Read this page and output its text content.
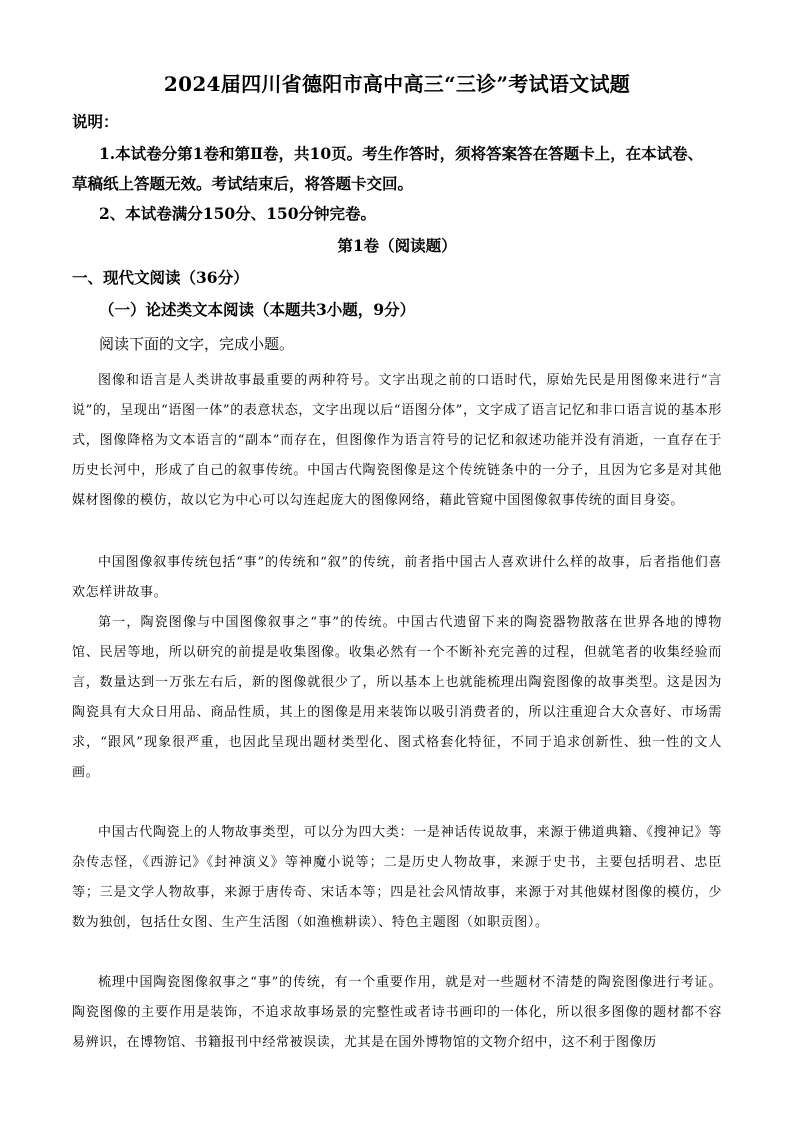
2024届四川省德阳市高中高三“三诊”考试语文试题
说明：
1.本试卷分第1卷和第Ⅱ卷，共10页。考生作答时，须将答案答在答题卡上，在本试卷、
草稿纸上答题无效。考试结束后，将答题卡交回。
2、本试卷满分150分、150分钟完卷。
第1卷（阅读题）
一、现代文阅读（36分）
（一）论述类文本阅读（本题共3小题，9分）
阅读下面的文字，完成小题。

图像和语言是人类讲故事最重要的两种符号。文字出现之前的口语时代，原始先民是用图像来进行“言说”的，呈现出“语图一体”的表意状态，文字出现以后“语图分体”，文字成了语言记忆和非口语言说的基本形式，图像降格为文本语言的“副本”而存在，但图像作为语言符号的记忆和叙述功能并没有消逝，一直存在于历史长河中，形成了自己的叙事传统。中国古代陶瓷图像是这个传统链条中的一分子，且因为它多是对其他媒材图像的模仿，故以它为中心可以勾连起庞大的图像网络，藉此管窥中国图像叙事传统的面目身姿。

中国图像叙事传统包括“事”的传统和“叙”的传统，前者指中国古人喜欢讲什么样的故事，后者指他们喜欢怎样讲故事。

第一，陶瓷图像与中国图像叙事之“事”的传统。中国古代遗留下来的陶瓷器物散落在世界各地的博物馆、民居等地，所以研究的前提是收集图像。收集必然有一个不断补充完善的过程，但就笔者的收集经验而言，数量达到一万张左右后，新的图像就很少了，所以基本上也就能梳理出陶瓷图像的故事类型。这是因为陶瓷具有大众日用品、商品性质，其上的图像是用来装饰以吸引消费者的，所以注重迎合大众喜好、市场需求，“跟风”现象很严重，也因此呈现出题材类型化、图式格套化特征，不同于追求创新性、独一性的文人画。

中国古代陶瓷上的人物故事类型，可以分为四大类：一是神话传说故事，来源于佛道典籍、《搜神记》等杂传志怪，《西游记》《封神演义》等神魔小说等；二是历史人物故事，来源于史书，主要包括明君、忠臣等；三是文学人物故事，来源于唐传奇、宋话本等；四是社会风情故事，来源于对其他媒材图像的模仿，少数为独创，包括仕女图、生产生活图（如渔樵耕读）、特色主题图（如职贡图）。

梳理中国陶瓷图像叙事之“事”的传统，有一个重要作用，就是对一些题材不清楚的陶瓷图像进行考证。陶瓷图像的主要作用是装饰，不追求故事场景的完整性或者诗书画印的一体化，所以很多图像的题材都不容易辨识，在博物馆、书籍报刊中经常被误读，尤其是在国外博物馆的文物介绍中，这不利于图像历
